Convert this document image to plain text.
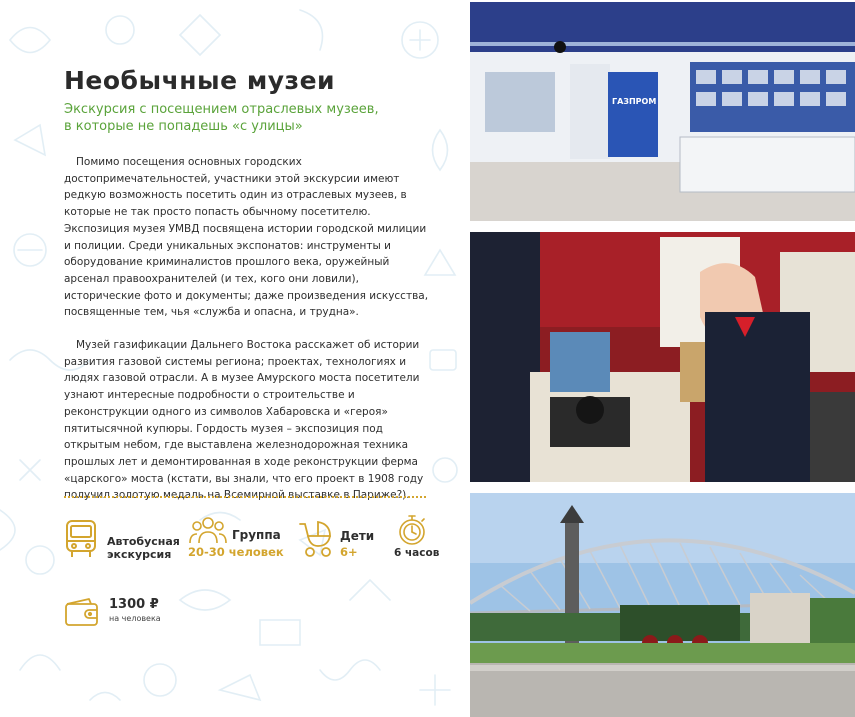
Необычные музеи
Экскурсия с посещением отраслевых музеев,
в которые не попадешь «с улицы»

Помимо посещения основных городских достопримечательностей, участники этой экскурсии имеют редкую возможность посетить один из отраслевых музеев, в которые не так просто попасть обычному посетителю. Экспозиция музея УМВД посвящена истории городской милиции и полиции. Среди уникальных экспонатов: инструменты и оборудование криминалистов прошлого века, оружейный арсенал правоохранителей (и тех, кого они ловили), исторические фото и документы; даже произведения искусства, посвященные тем, чья «служба и опасна, и трудна».

Музей газификации Дальнего Востока расскажет об истории развития газовой системы региона; проектах, технологиях и людях газовой отрасли. А в музее Амурского моста посетители узнают интересные подробности о строительстве и реконструкции одного из символов Хабаровска и «героя» пятитысячной купюры. Гордость музея – экспозиция под открытым небом, где выставлена железнодорожная техника прошлых лет и демонтированная в ходе реконструкции ферма «царского» моста (кстати, вы знали, что его проект в 1908 году получил золотую медаль на Всемирной выставке в Париже?).

Автобусная
экскурсия
Группа
20-30 человек
Дети
6+	6 часов
1300 ₽
на человека
ГАЗПРОМ
